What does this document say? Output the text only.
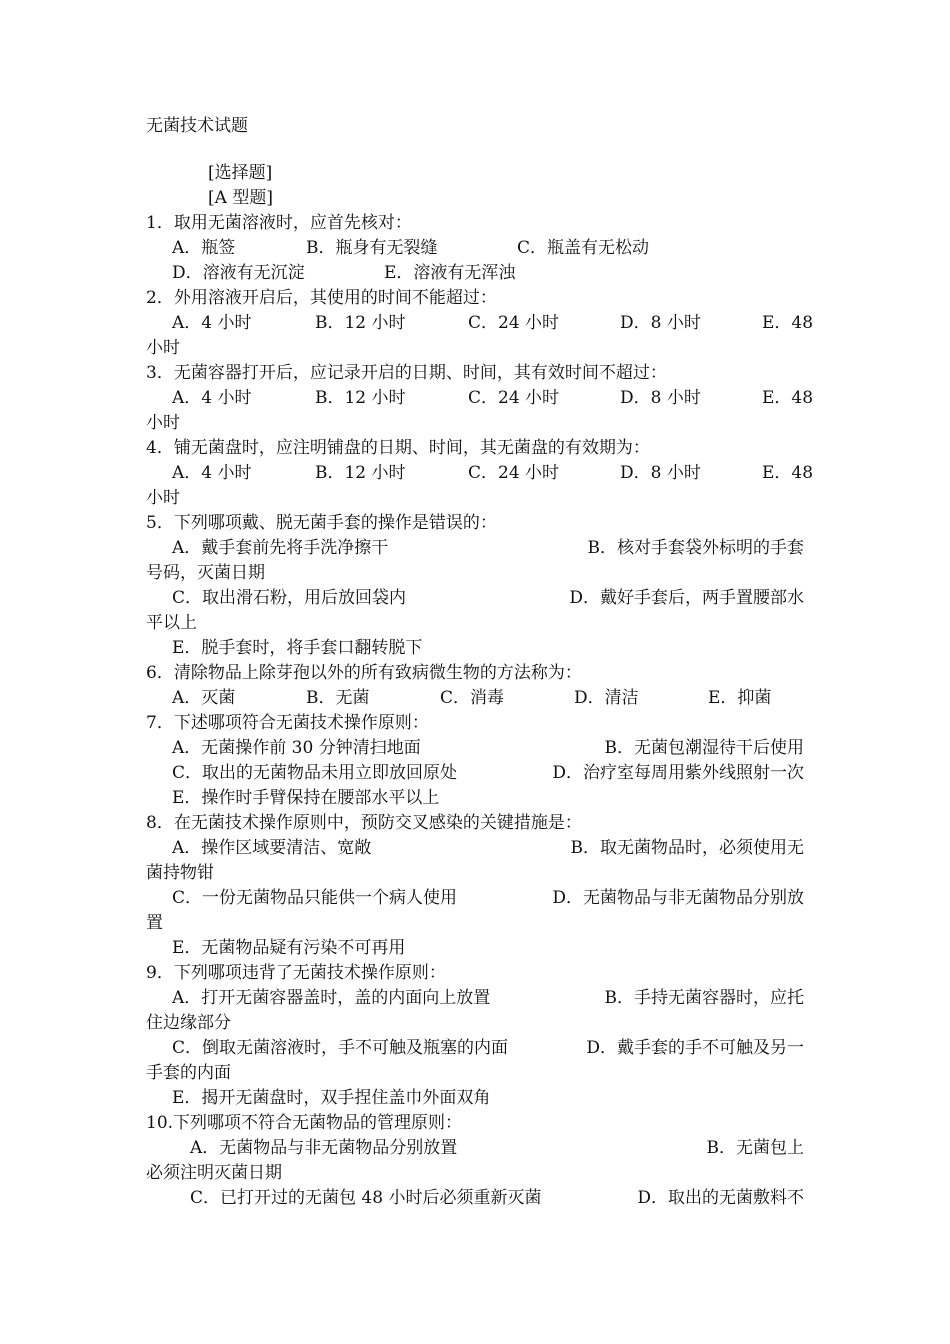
无菌技术试题
[选择题]
[A 型题]
1．取用无菌溶液时，应首先核对：
A．瓶签	B．瓶身有无裂缝	C．瓶盖有无松动
D．溶液有无沉淀	E．溶液有无浑浊
2．外用溶液开启后，其使用的时间不能超过：
A．4 小时	B．12 小时	C．24 小时	D．8 小时	E．48
小时
3．无菌容器打开后，应记录开启的日期、时间，其有效时间不超过：
A．4 小时	B．12 小时	C．24 小时	D．8 小时	E．48
小时
4．铺无菌盘时，应注明铺盘的日期、时间，其无菌盘的有效期为：
A．4 小时	B．12 小时	C．24 小时	D．8 小时	E．48
小时
5．下列哪项戴、脱无菌手套的操作是错误的：
A．戴手套前先将手洗净擦干	B．核对手套袋外标明的手套
号码，灭菌日期
C．取出滑石粉，用后放回袋内	D．戴好手套后，两手置腰部水
平以上
E．脱手套时，将手套口翻转脱下
6．清除物品上除芽孢以外的所有致病微生物的方法称为：
A．灭菌	B．无菌	C．消毒	D．清洁	E．抑菌
7．下述哪项符合无菌技术操作原则：
A．无菌操作前 30 分钟清扫地面	B．无菌包潮湿待干后使用
C．取出的无菌物品未用立即放回原处	D．治疗室每周用紫外线照射一次
E．操作时手臂保持在腰部水平以上
8．在无菌技术操作原则中，预防交叉感染的关键措施是：
A．操作区域要清洁、宽敞	B．取无菌物品时，必须使用无
菌持物钳
C．一份无菌物品只能供一个病人使用	D．无菌物品与非无菌物品分别放
置
E．无菌物品疑有污染不可再用
9．下列哪项违背了无菌技术操作原则：
A．打开无菌容器盖时，盖的内面向上放置	B．手持无菌容器时，应托
住边缘部分
C．倒取无菌溶液时，手不可触及瓶塞的内面	D．戴手套的手不可触及另一
手套的内面
E．揭开无菌盘时，双手捏住盖巾外面双角
10.下列哪项不符合无菌物品的管理原则：
A．无菌物品与非无菌物品分别放置	B．无菌包上
必须注明灭菌日期
C．已打开过的无菌包 48 小时后必须重新灭菌	D．取出的无菌敷料不
